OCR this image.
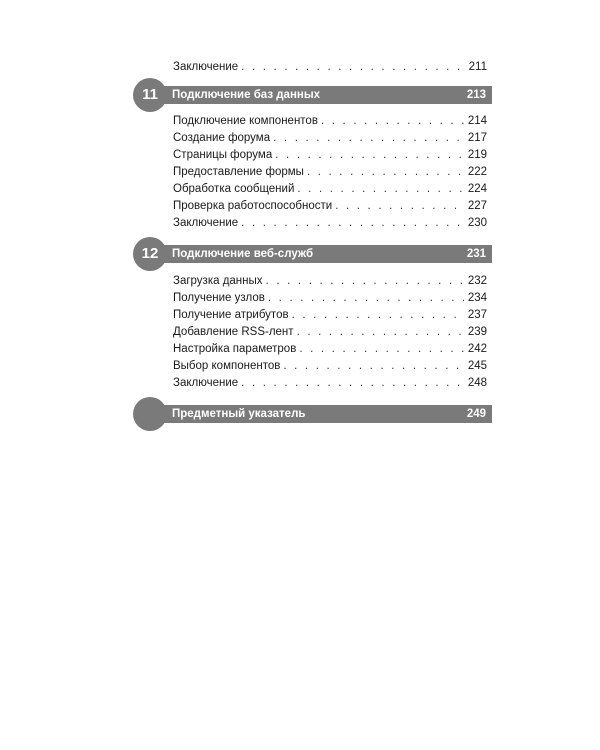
Заключение . . .	211
Подключение баз данных	213
11
Подключение компонентов . . .	214
Создание форума . . .	217
Страницы форума . . .	219
Предоставление формы . . .	222
Обработка сообщений . . .	224
Проверка работоспособности . . .	227
Заключение . . .	230
Подключение веб-служб	231
12
Загрузка данных . . .	232
Получение узлов . . .	234
Получение атрибутов . . .	237
Добавление RSS-лент . . .	239
Настройка параметров . . .	242
Выбор компонентов . . .	245
Заключение . . .	248
Предметный указатель	249
